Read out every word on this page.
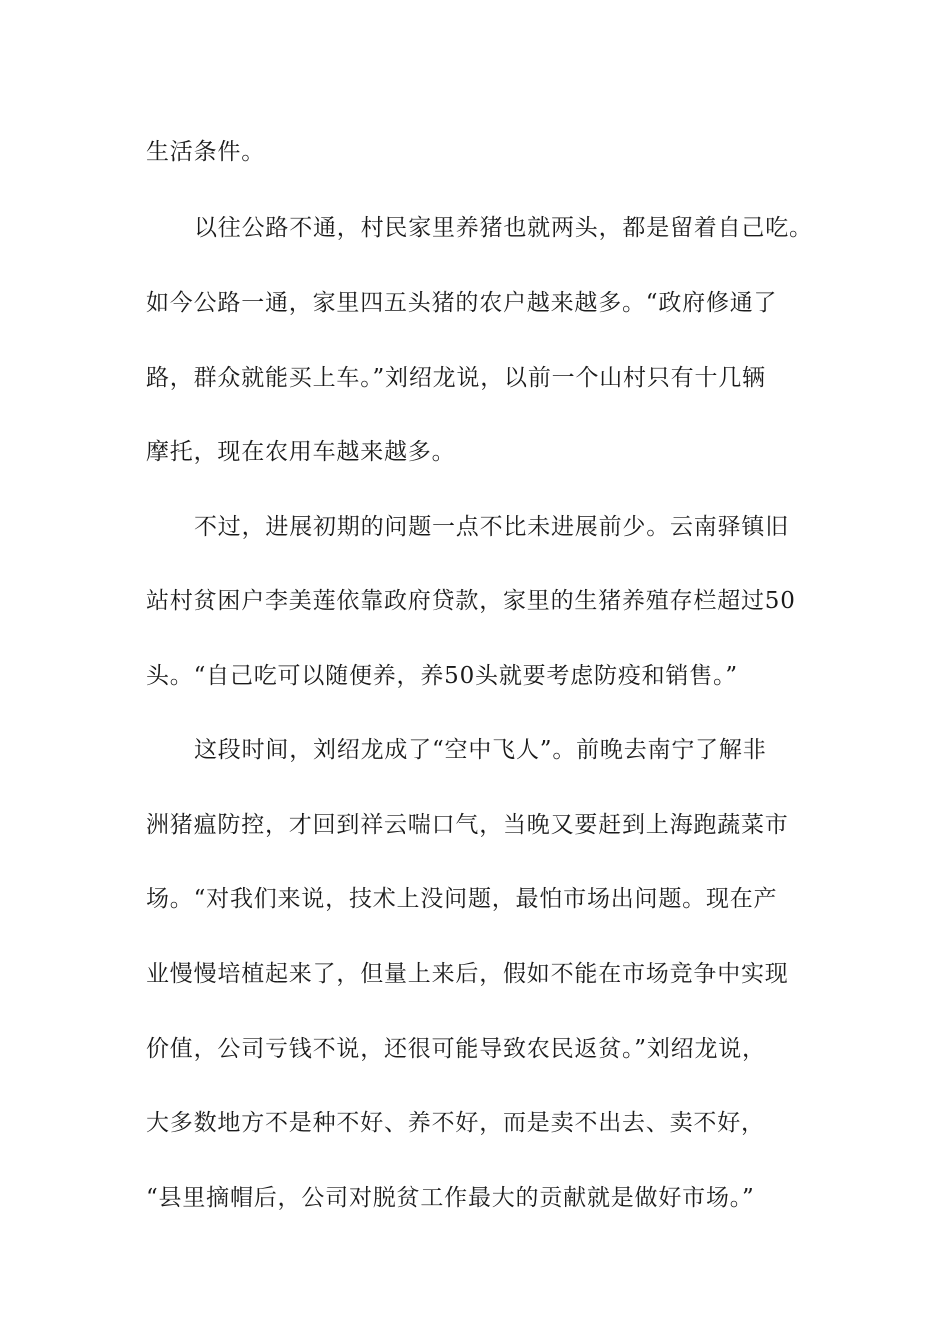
生活条件。

以往公路不通，村民家里养猪也就两头，都是留着自己吃。

如今公路一通，家里四五头猪的农户越来越多。“政府修通了

路，群众就能买上车。”刘绍龙说，以前一个山村只有十几辆

摩托，现在农用车越来越多。

不过，进展初期的问题一点不比未进展前少。云南驿镇旧

站村贫困户李美莲依靠政府贷款，家里的生猪养殖存栏超过50

头。“自己吃可以随便养，养50头就要考虑防疫和销售。”

这段时间，刘绍龙成了“空中飞人”。前晚去南宁了解非

洲猪瘟防控，才回到祥云喘口气，当晚又要赶到上海跑蔬菜市

场。“对我们来说，技术上没问题，最怕市场出问题。现在产

业慢慢培植起来了，但量上来后，假如不能在市场竞争中实现

价值，公司亏钱不说，还很可能导致农民返贫。”刘绍龙说，

大多数地方不是种不好、养不好，而是卖不出去、卖不好，

“县里摘帽后，公司对脱贫工作最大的贡献就是做好市场。”
